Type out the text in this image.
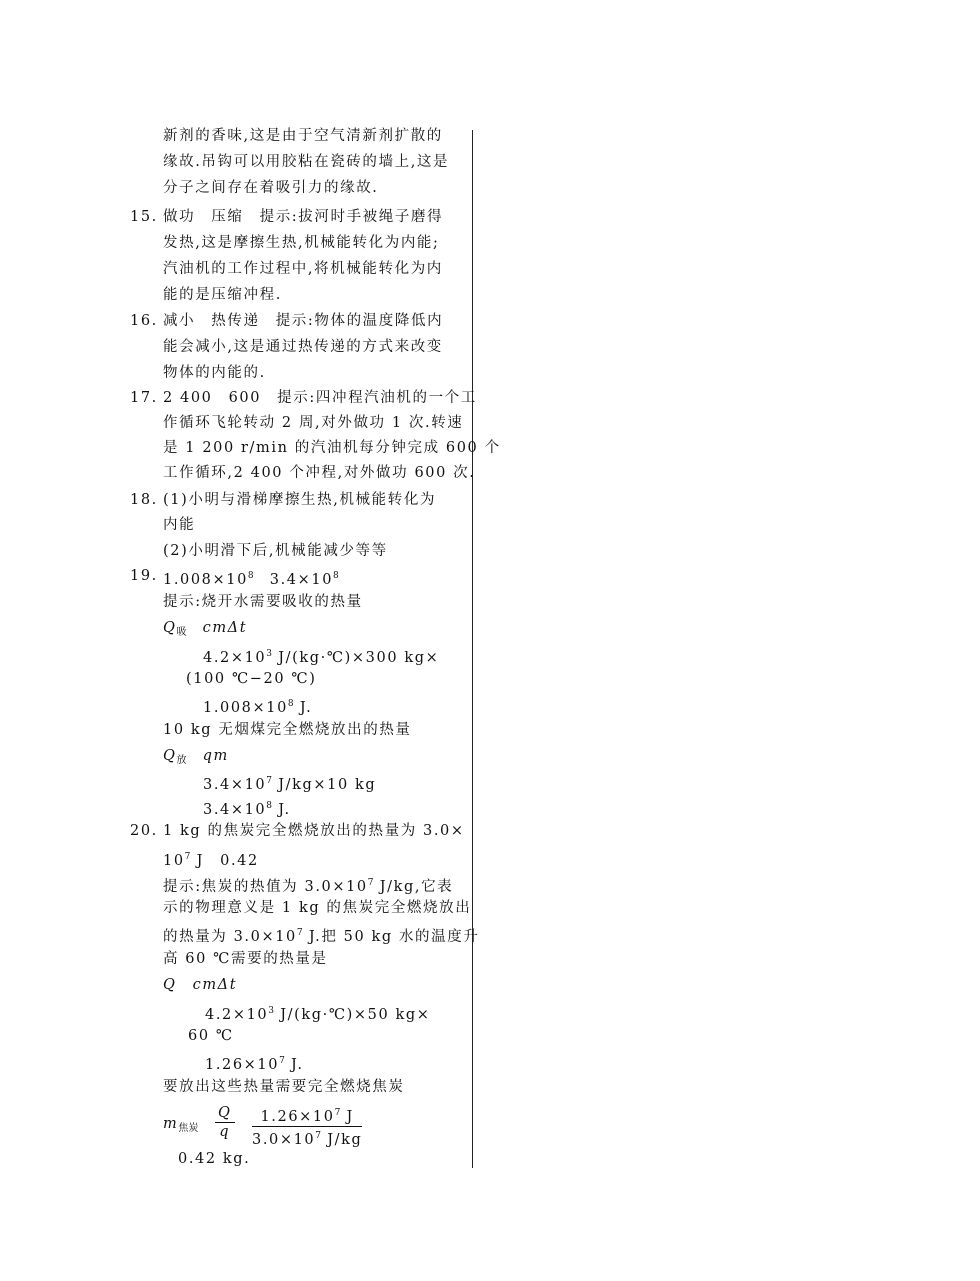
新剂的香味,这是由于空气清新剂扩散的
缘故.吊钩可以用胶粘在瓷砖的墙上,这是
分子之间存在着吸引力的缘故.
15. 做功　压缩　提示:拔河时手被绳子磨得
发热,这是摩擦生热,机械能转化为内能;
汽油机的工作过程中,将机械能转化为内
能的是压缩冲程.
16. 减小　热传递　提示:物体的温度降低内
能会减小,这是通过热传递的方式来改变
物体的内能的.
17. 2 400　600　提示:四冲程汽油机的一个工
作循环飞轮转动 2 周,对外做功 1 次.转速
是 1 200 r/min 的汽油机每分钟完成 600 个
工作循环,2 400 个冲程,对外做功 600 次.
18. (1)小明与滑梯摩擦生热,机械能转化为
内能
(2)小明滑下后,机械能减少等等
19. $1.008\times 10^8$　$3.4\times 10^8$
提示:烧开水需要吸收的热量
$Q_吸$　cmΔt
$4.2\times 10^3$ J/(kg·℃)×300 kg×
(100 ℃−20 ℃)
$1.008\times 10^8$ J.
10 kg 无烟煤完全燃烧放出的热量
$Q_放$　qm
$3.4\times 10^7$ J/kg×10 kg
$3.4\times 10^8$ J.
20. 1 kg 的焦炭完全燃烧放出的热量为 3.0×
$10^7$ J　0.42
提示:焦炭的热值为 $3.0\times 10^7$ J/kg,它表
示的物理意义是 1 kg 的焦炭完全燃烧放出
的热量为 $3.0\times 10^7$ J.把 50 kg 水的温度升
高 60 ℃需要的热量是
Q　cmΔt
$4.2\times 10^3$ J/(kg·℃)×50 kg×
60 ℃
$1.26\times 10^7$ J.
要放出这些热量需要完全燃烧焦炭
$m_{焦炭} \frac{Q}{q} \frac{1.26\times 10^7 J}{3.0\times 10^7 J/kg}$
0.42 kg.
